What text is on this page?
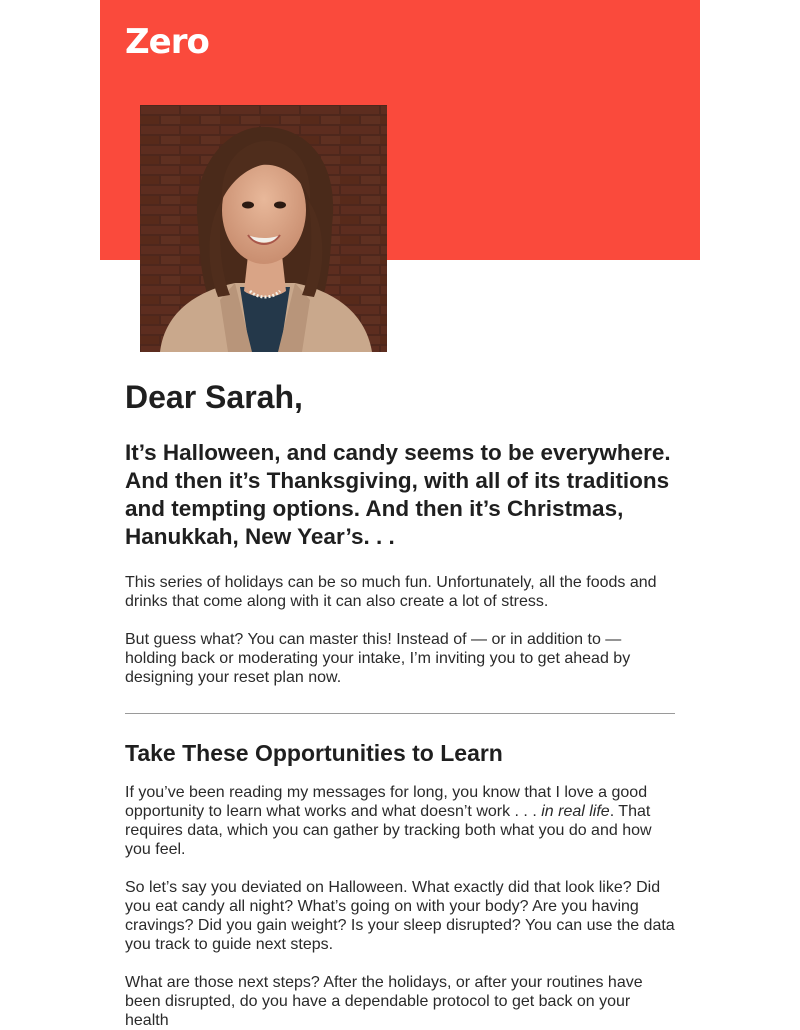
Zero
Dear Sarah,
It’s Halloween, and candy seems to be everywhere. And then it’s Thanksgiving, with all of its traditions and tempting options. And then it’s Christmas, Hanukkah, New Year’s. . .

This series of holidays can be so much fun. Unfortunately, all the foods and drinks that come along with it can also create a lot of stress.

But guess what? You can master this! Instead of — or in addition to — holding back or moderating your intake, I’m inviting you to get ahead by designing your reset plan now.

Take These Opportunities to Learn

If you’ve been reading my messages for long, you know that I love a good opportunity to learn what works and what doesn’t work . . . in real life. That requires data, which you can gather by tracking both what you do and how you feel.

So let’s say you deviated on Halloween. What exactly did that look like? Did you eat candy all night? What’s going on with your body? Are you having cravings? Did you gain weight? Is your sleep disrupted? You can use the data you track to guide next steps.

What are those next steps? After the holidays, or after your routines have been disrupted, do you have a dependable protocol to get back on your health
